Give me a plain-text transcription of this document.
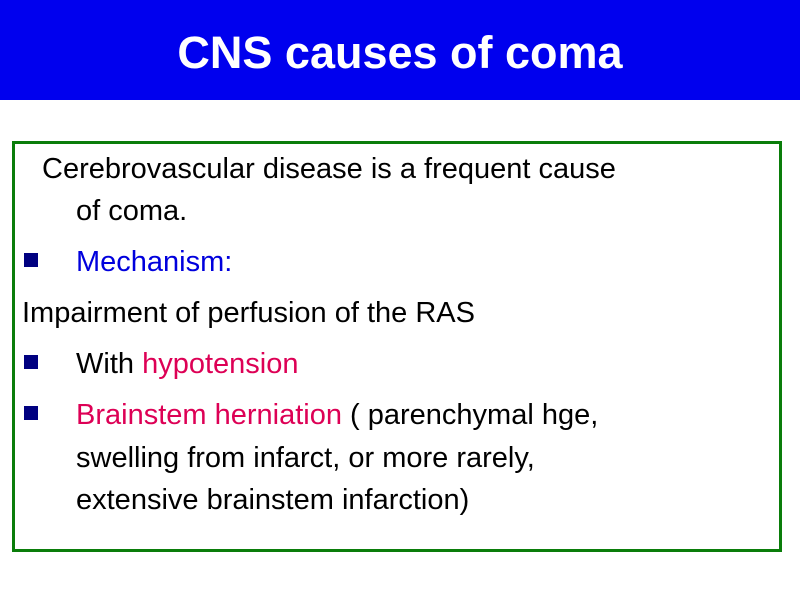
CNS causes of coma
Cerebrovascular disease is a frequent cause
of coma.
Mechanism:
Impairment of perfusion of the RAS
With hypotension
Brainstem herniation ( parenchymal hge,
swelling from infarct, or more rarely,
extensive brainstem infarction)
